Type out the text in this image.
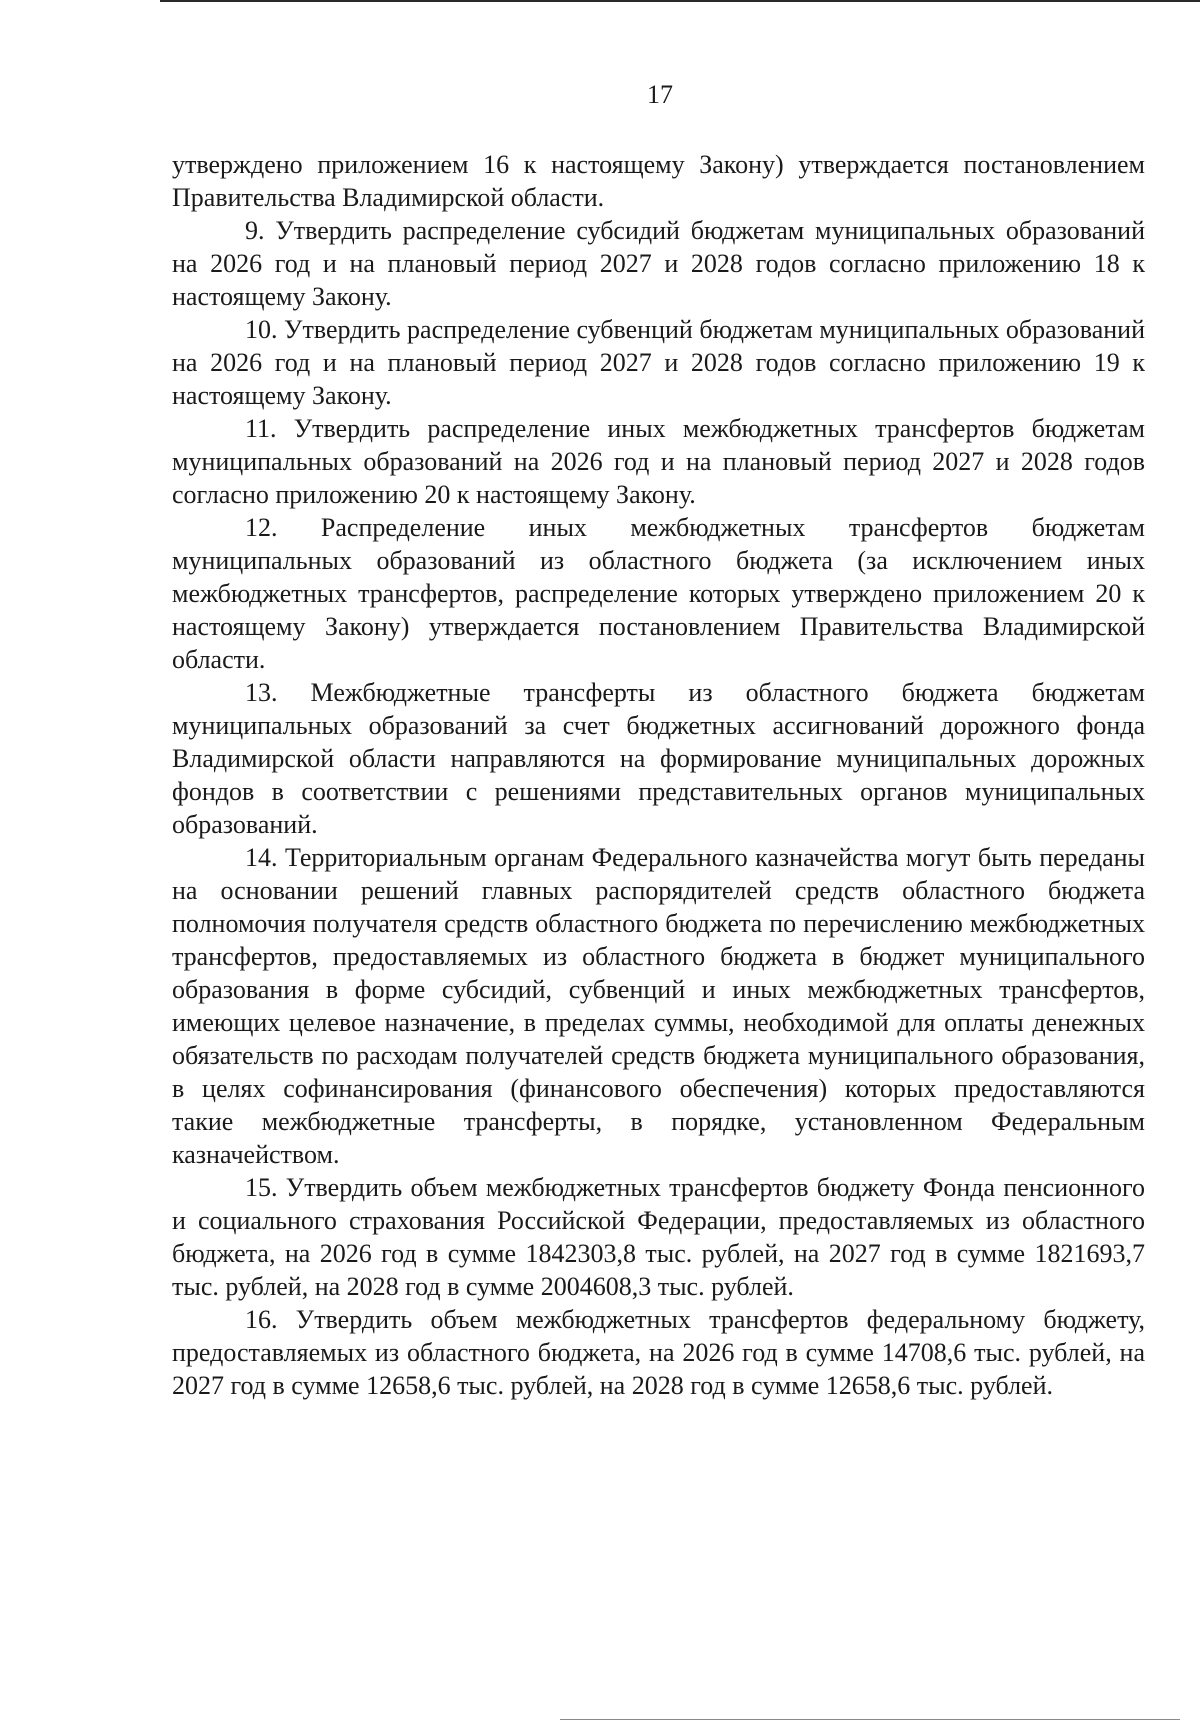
17

утверждено приложением 16 к настоящему Закону) утверждается постановлением Правительства Владимирской области.

9. Утвердить распределение субсидий бюджетам муниципальных образований на 2026 год и на плановый период 2027 и 2028 годов согласно приложению 18 к настоящему Закону.

10. Утвердить распределение субвенций бюджетам муниципальных образований на 2026 год и на плановый период 2027 и 2028 годов согласно приложению 19 к настоящему Закону.

11. Утвердить распределение иных межбюджетных трансфертов бюджетам муниципальных образований на 2026 год и на плановый период 2027 и 2028 годов согласно приложению 20 к настоящему Закону.

12. Распределение иных межбюджетных трансфертов бюджетам муниципальных образований из областного бюджета (за исключением иных межбюджетных трансфертов, распределение которых утверждено приложением 20 к настоящему Закону) утверждается постановлением Правительства Владимирской области.

13. Межбюджетные трансферты из областного бюджета бюджетам муниципальных образований за счет бюджетных ассигнований дорожного фонда Владимирской области направляются на формирование муниципальных дорожных фондов в соответствии с решениями представительных органов муниципальных образований.

14. Территориальным органам Федерального казначейства могут быть переданы на основании решений главных распорядителей средств областного бюджета полномочия получателя средств областного бюджета по перечислению межбюджетных трансфертов, предоставляемых из областного бюджета в бюджет муниципального образования в форме субсидий, субвенций и иных межбюджетных трансфертов, имеющих целевое назначение, в пределах суммы, необходимой для оплаты денежных обязательств по расходам получателей средств бюджета муниципального образования, в целях софинансирования (финансового обеспечения) которых предоставляются такие межбюджетные трансферты, в порядке, установленном Федеральным казначейством.

15. Утвердить объем межбюджетных трансфертов бюджету Фонда пенсионного и социального страхования Российской Федерации, предоставляемых из областного бюджета, на 2026 год в сумме 1842303,8 тыс. рублей, на 2027 год в сумме 1821693,7 тыс. рублей, на 2028 год в сумме 2004608,3 тыс. рублей.

16. Утвердить объем межбюджетных трансфертов федеральному бюджету, предоставляемых из областного бюджета, на 2026 год в сумме 14708,6 тыс. рублей, на 2027 год в сумме 12658,6 тыс. рублей, на 2028 год в сумме 12658,6 тыс. рублей.
